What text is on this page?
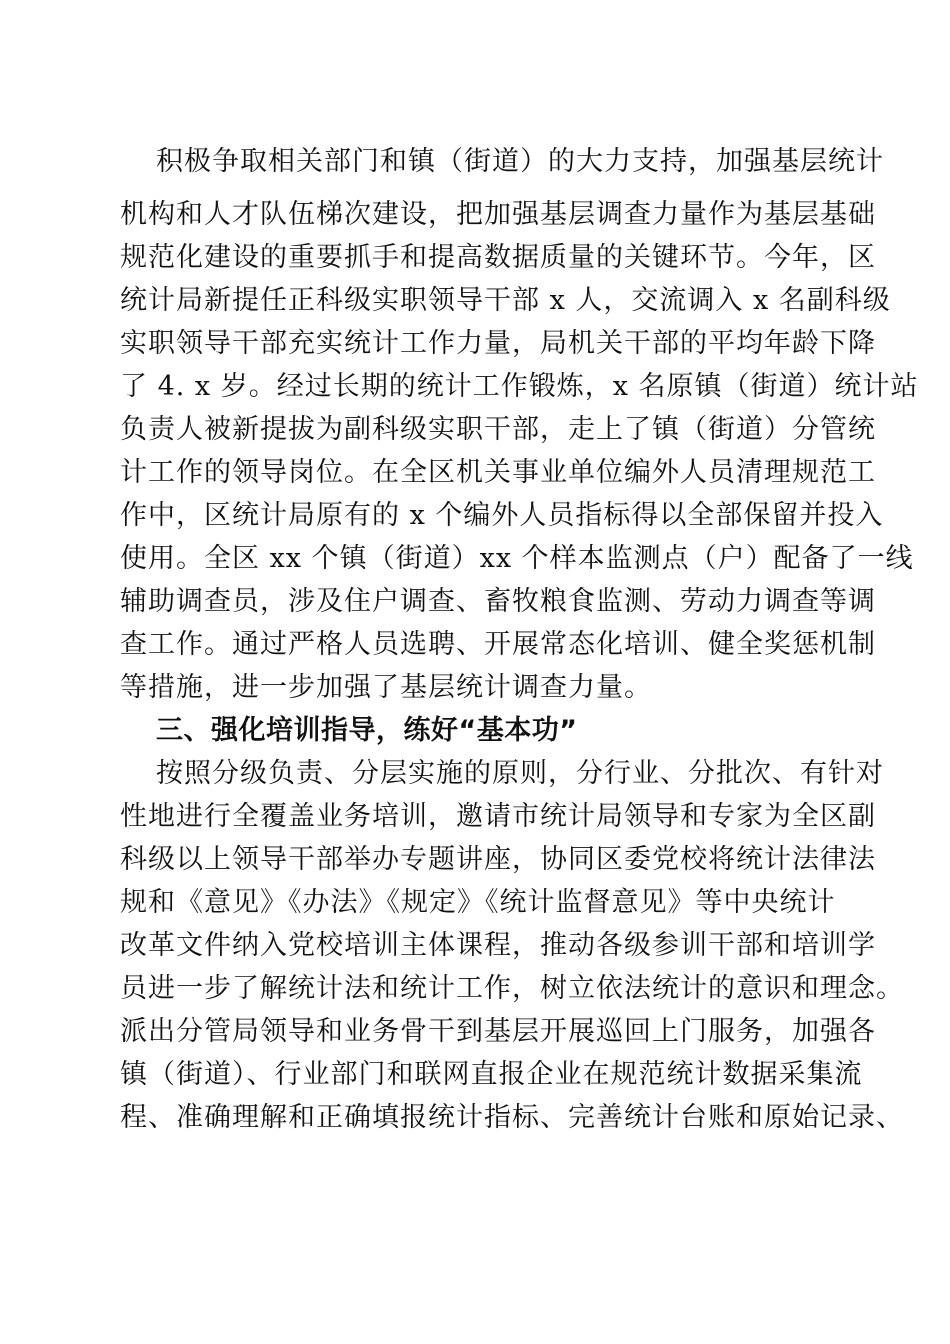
积极争取相关部门和镇（街道）的大力支持，加强基层统计
机构和人才队伍梯次建设，把加强基层调查力量作为基层基础
规范化建设的重要抓手和提高数据质量的关键环节。今年，区
统计局新提任正科级实职领导干部 x 人，交流调入 x 名副科级
实职领导干部充实统计工作力量，局机关干部的平均年龄下降
了 4. x 岁。经过长期的统计工作锻炼，x 名原镇（街道）统计站
负责人被新提拔为副科级实职干部，走上了镇（街道）分管统
计工作的领导岗位。在全区机关事业单位编外人员清理规范工
作中，区统计局原有的 x 个编外人员指标得以全部保留并投入
使用。全区 xx 个镇（街道）xx 个样本监测点（户）配备了一线
辅助调查员，涉及住户调查、畜牧粮食监测、劳动力调查等调
查工作。通过严格人员选聘、开展常态化培训、健全奖惩机制
等措施，进一步加强了基层统计调查力量。
三、强化培训指导，练好“基本功”
按照分级负责、分层实施的原则，分行业、分批次、有针对
性地进行全覆盖业务培训，邀请市统计局领导和专家为全区副
科级以上领导干部举办专题讲座，协同区委党校将统计法律法
规和《意见》《办法》《规定》《统计监督意见》等中央统计
改革文件纳入党校培训主体课程，推动各级参训干部和培训学
员进一步了解统计法和统计工作，树立依法统计的意识和理念。
派出分管局领导和业务骨干到基层开展巡回上门服务，加强各
镇（街道）、行业部门和联网直报企业在规范统计数据采集流
程、准确理解和正确填报统计指标、完善统计台账和原始记录、
